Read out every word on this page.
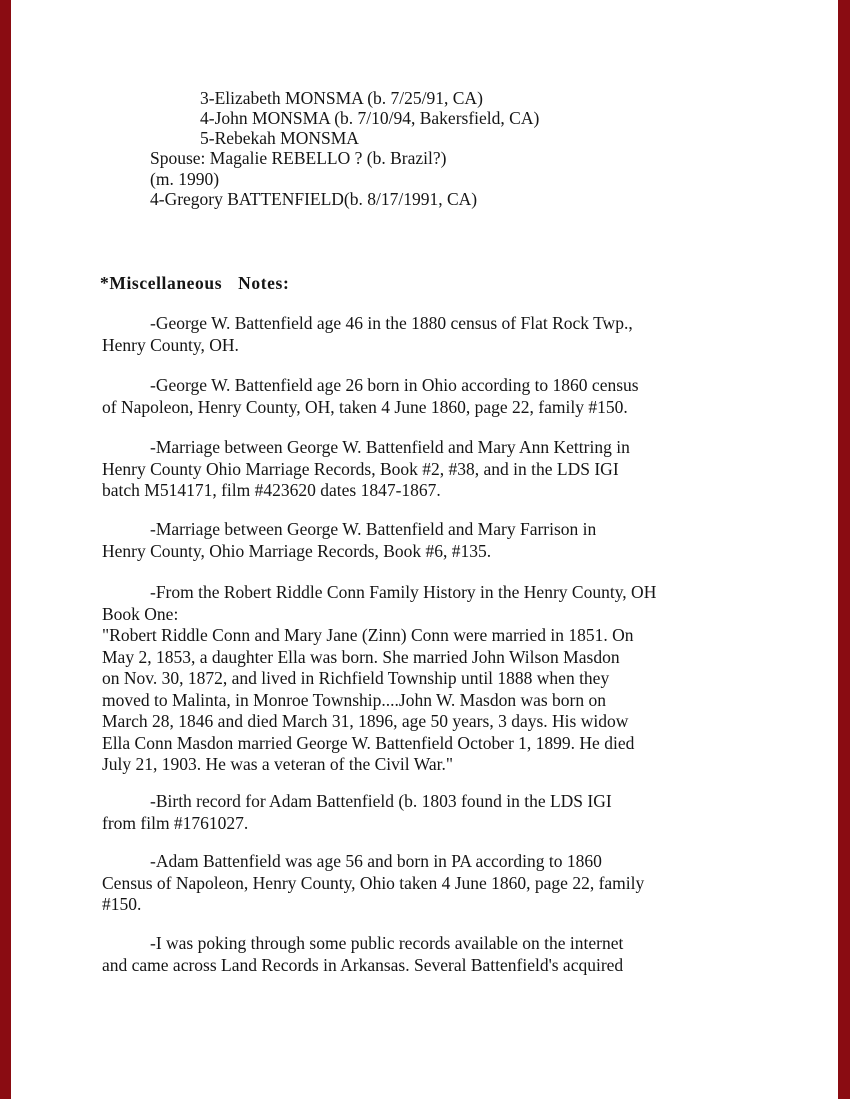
3-Elizabeth MONSMA (b. 7/25/91, CA)
4-John MONSMA (b. 7/10/94, Bakersfield, CA)
5-Rebekah MONSMA
Spouse: Magalie REBELLO ? (b. Brazil?)
(m. 1990)
4-Gregory BATTENFIELD(b. 8/17/1991, CA)
*Miscellaneous Notes:
-George W. Battenfield age 46 in the 1880 census of Flat Rock Twp.,
Henry County, OH.
-George W. Battenfield age 26 born in Ohio according to 1860 census
of Napoleon, Henry County, OH, taken 4 June 1860, page 22, family #150.
-Marriage between George W. Battenfield and Mary Ann Kettring in
Henry County Ohio Marriage Records, Book #2, #38, and in the LDS IGI
batch M514171, film #423620 dates 1847-1867.
-Marriage between George W. Battenfield and Mary Farrison in
Henry County, Ohio Marriage Records, Book #6, #135.
-From the Robert Riddle Conn Family History in the Henry County, OH
Book One:
"Robert Riddle Conn and Mary Jane (Zinn) Conn were married in 1851. On
May 2, 1853, a daughter Ella was born. She married John Wilson Masdon
on Nov. 30, 1872, and lived in Richfield Township until 1888 when they
moved to Malinta, in Monroe Township....John W. Masdon was born on
March 28, 1846 and died March 31, 1896, age 50 years, 3 days. His widow
Ella Conn Masdon married George W. Battenfield October 1, 1899. He died
July 21, 1903. He was a veteran of the Civil War."
-Birth record for Adam Battenfield (b. 1803 found in the LDS IGI
from film #1761027.
-Adam Battenfield was age 56 and born in PA according to 1860
Census of Napoleon, Henry County, Ohio taken 4 June 1860, page 22, family
#150.
-I was poking through some public records available on the internet
and came across Land Records in Arkansas. Several Battenfield's acquired
